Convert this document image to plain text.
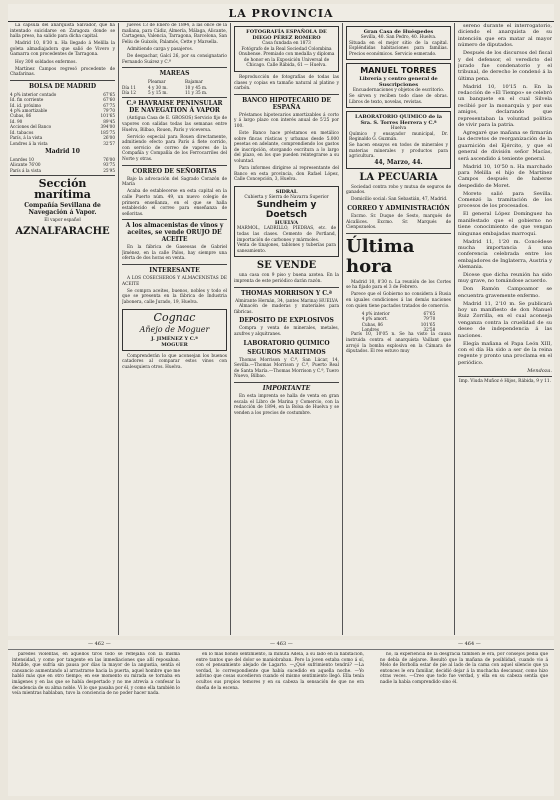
LA PROVINCIA

La capsula del anarquista Salvador, que ha intentado suicidarse en Zaragoza donde se halla preso, ha salido para dicha capital.

Madrid 10, 8'30 n. Ha llegado á Melilla la goleta almadiajadora que salió de Vivero y Gamarra con procedentes de Tarragona.

Hoy 300 soldados enfermos.

Martínez Campos regresó procedente de Chafarinas.

BOLSA DE MADRID
4 p% interior contado	67'65
Id. fin corriente	67'60
Id. id. próximo	67'75
4 p% amortizable	79'70
Cubas, 86	101'65
Id. 90	89'45
Acciones del Banco	394'00
Id. tabacos	185'75
París, á la vista	26'00
Londres á la vista	32'57
Madrid 10
Lonrdes 10	76'00
Alicante 76'00	93'75
París á la vista	25'95
Sección marítima
Compañía Sevillana de Navegación á Vapor.
El vapor español
AZNALFARACHE

jueves 13 de Enero de 1894, á las once de la mañana, para Cádiz, Almería, Málaga, Alicante, Cartagena, Valencia, Tarragona, Barcelona, San Feliu de Guixols, Palamós, Cette y Marsella.

Admitiendo carga y pasajeros.

De despachar, Galcí 26, por su consignatario Fernando Suárez y C.ª

MAREAS
	Pleamar	Bajamar
Día 11	4 y 30 m.	10 y 45 m.
Día 12	5 y 15 m.	11 y 35 m.
C.ª HAVRAISE PENINSULAR DE NAVEGATION Á VAPOR

(Antigua Casa de E. GROSOS) Servicio fijo de vapores con salidas todas las semanas entre Huelva, Bilbao, Rouen, París y viceversa.

Servicio especial para Rouen directamente, admitiendo efecto para París á flete corrido, con servicio de correo de vapores de la Compañía y Compañía de los Ferrocarriles del Norte y otras.

CORREO DE SEÑORITAS

Bajo la advocación del Sagrado Corazón de María

Acaba de establecerse en esta capital en la calle Puerto núm. 49, un nuevo colegio de primera enseñanza, en el que se halla establecido el correo para enseñanza de señoritas.

A los almacenistas de vinos y aceites, se vende ORUJO DE ACEITE

En la fábrica de Gaseosas de Gabriel Jiménez, en la calle Palos, hay siempre una oferta de dos horas en venta.

INTERESANTE

A LOS COSECHEROS Y ALMACENISTAS DE ACEITE

Se compra aceites, buenos, nobles y todo el que se presenta en la fábrica de Industria Jabonera, calle Jurado, 19, Huelva.

Cognac
Añejo de Moguer
J. JIMÉNEZ Y C.ª
MOGUER

Comprenderán lo que aconsejan los buenos catadores al comparar estos vinos con cualesquiera otros. Huelva.

FOTOGRAFÍA ESPAÑOLA DE DIEGO PÉREZ ROMERO
Casa fundada en 1873
Fotógrafo de la Real Sociedad Colombina Onubense. Premiado con medalla y diploma de honor en la Exposición Universal de Chicago. Calle Rábida, 61 — Huelva.

Reproducción de fotografías de todas las clases y copias en tamaño natural al platino y carbón.

BANCO HIPOTECARIO DE ESPAÑA

Préstamos hipotecarios amortizables á corto y á largo plazo con interés anual de 5'25 por 100.

Este Banco hace préstamos en metálico sobre fincas rústicas y urbanas desde 5.000 pesetas en adelante, comprendiendo los gastos de inscripción, otorgando escritura a lo largo del plazo, en los que pueden reintegrarse a su voluntad.

Para informes dirigirse al representante del Banco en esta provincia, don Rafael López, Calle Concepción, 3, Huelva.

SIDRAL
Cubierta y Sierra de Navarra Superior
Sundheim y Doetsch
HUELVA
MARMOL, LADRILLO, PIEDRAS, etc. de todas las clases. Cemento de Portland, importación de carbones y mármoles.
Venta de tinajones, tablones y tuberías para saneamiento.
SE VENDE

una casa con 9 piso y buena azotea. En la imprenta de este periódico darán razón.

THOMAS MORRISON Y C.ª
Almirante Hernán, 34, (antes Marina) HUELVA

Almacén de maderas y materiales para fábricas.

DEPOSITO DE EXPLOSIVOS

Compra y venta de minerales, metales, azufres y alquitranes.

LABORATORIO QUIMICO
SEGUROS MARITIMOS

Thomas Morrison y C.ª, San Lúcar, 14, Sevilla.—Thomas Morrison y C.ª, Puerto Real de Santa María.—Thomas Morrison y C.ª, Tuero Nuevo, Bilbao.

IMPORTANTE

En esta imprenta se halla de venta en gran escala el Libro de Marina y Comercio, con la redacción de 1894, en la Bolsa de Huelva y se venden a los precios de costumbre.

Gran Casa de Huéspedes
Sevilla, 40. San Pedro, 40. Huelva.
Situada en el mejor sitio de la capital. Espléndidas habitaciones para familias. Precios económicos. Servicio esmerado.
MANUEL TORRES
Librería y centro general de Suscripciones
Encuadernaciones y objetos de escritorio.
Se sirven y reciben todo clase de obras. Libros de texto, novelas, revistas.
LABORATORIO QUIMICO de la Sra. S. Torres Herrera y C.ª
Huelva
Químico y ensayador municipal, Dr. Reginaldo G. Guzmán.
Se hacen ensayos en todos de minerales y materias minerales y productos para agricultura.
44, Marzo, 44.
LA PECUARIA

Sociedad contra robo y mutua de seguros de ganados.

Domicilio social: San Sebastián, 47, Madrid.

CORREO Y ADMINISTRACIÓN

Excmo. Sr. Duque de Sesto, marqués de Alcañices. Excmo. Sr. Marqués de Cienpozuelos.

Última hora

Madrid 10, 8'30 n. La reunión de los Cortes se ha fijado para el 3 de Febrero.

Parece que el Gobierno no considera á Rusia en iguales condiciones á las demás naciones con quien tiene pactados tratados de comercio.

4 p% interior	67'65
4 p% amort.	79'70
Cubas, 86	101'65
Londres	32'58

París 10, 10'05 n. Se ha visto la causa instruida contra el anarquista Vaillant que arrojó la bomba explosiva en la Cámara de diputados. El reo estuvo muy

sereno durante el interrogatorio, diciendo el anarquista de su intención que era matar al mayor número de diputados.

Después de los discursos del fiscal y del defensor, el veredicto del jurado fue condenatorio y el tribunal, de derecho le condenó á la última pena.

Madrid 10, 10'15 n. En la redacción de «El Tiempo» se celebró un banquete en el cual Silvela recibió por la monarquía y por sus amigos, declarando que representaban la voluntad política de vivir para la patria.

Agregaré que mañana se firmarán las decretos de reorganización de la guarnición del Ejército, y que el general de división señor Macías, será ascendido á teniente general.

Madrid 10, 10'50 n. Ha marchado para Melilla el hijo de Martínez Campos después de haberse despedido de Moret.

Moreto salió para Sevilla. Comenzó la tramitación de los procesos de los procesados.

El general López Domínguez ha manifestado que el gobierno no tiene conocimiento de que vengan ningunas embajadas marroquí.

Madrid 11, 1'20 m. Concédese mucha importancia á una conferencia celebrada entre los embajadores de Inglaterra, Austria y Alemania.

Dicese que dicha reunión ha sido muy grave, no tomándose acuerdo.

Don Ramón Campoamor se encuentra gravemente enfermo.

Madrid 11, 2'10 m. Se publicará hoy un manifiesto de don Manuel Ruiz Zorrilla, en el cual aconseja venganza contra la cruelidad de su deseo de independencia á las naciones.

Elegía mañana el Papa León XIII, con el día Ha sido a ser de la reina regente y pronto una proclama en el periódico.

Mendoza.
Imp. Viuda Muñoz é Hijos, Rábida, 9 y 11.
— 462 —	— 463 —	— 464 —

paredes violentas, en aquellos tiros todo se reflejaba con la misma intensidad, y como por tangente en las inmediaciones que allí reposaban. Matilde, que sufría sin pausa por días la mayor de la angustia, sentía el cansancio aumentando al arrastrarse hacia la puerta, aquel hombre que me habló más que en otro tiempo; en ese momento su mirada se tornaba en imágenes y en las que se había despertado y no me atrevía a confesar la decadencia de su alma noble. Vi lo que pasaba por él, y como ella también lo veía mientras hablaban, tuvo la conciencia de no poder hacer nada.

en lo más hondo sentimiento, la minuta Adela, á su lado en la habitación, entre tantos que del dolor se maniobraban. Pero la joven estaba como á sí, con el pensamiento alejado de Lagarto. —¿Qué sufrimiento tendrá? —La verdad, lo correspondiente que había sucedido en aquella noche. —Yo adivino que cosas sucedieron cuando el mismo sentimiento llegó. Ella tenía ocultos sus propios temores y en su cabeza la sensación de que no era dueña de la escena.

no, la experiencia de la desgracia también le era, por consejos pedía que no debía de alejarse. Resultó que la mañana de posiblidad, cuando vio á Melo de Borbolla estar de pie al lado de la cama con aquel silencio que ya entonces le era familiar, decidió dejar á la muchacha descansar, como hizo otras veces. —Creo que todo fue verdad, y ella en su cabeza sentía que nadie la había comprendido sino él.
